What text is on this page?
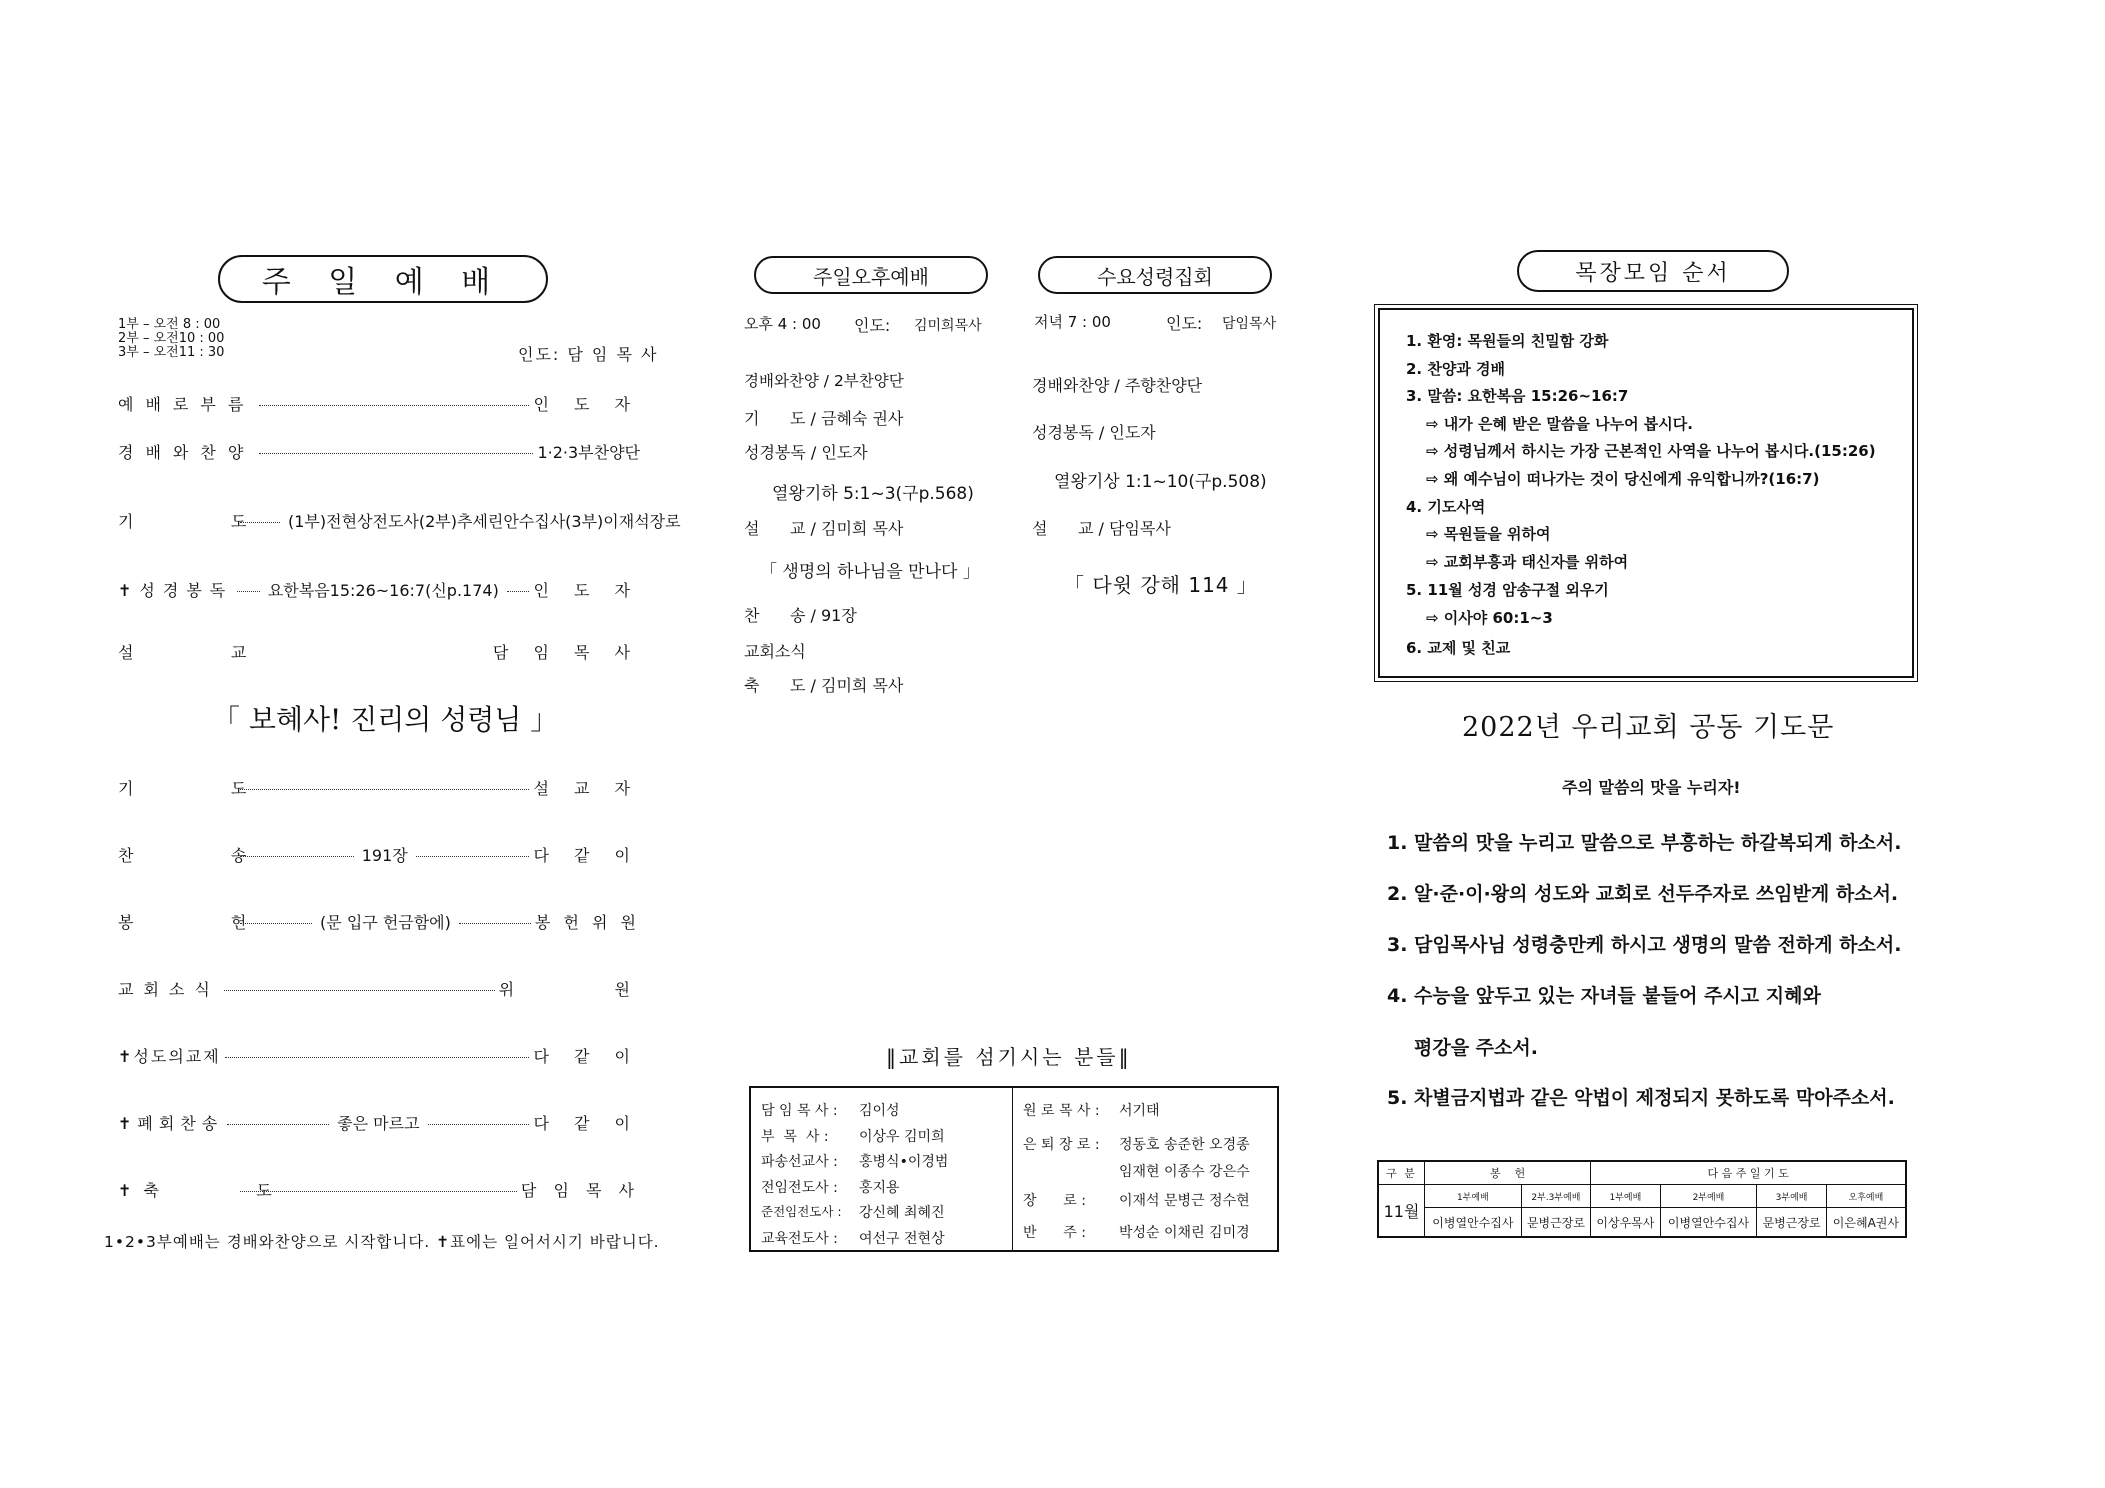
주 일 예 배
1부 – 오전 8 : 00
2부 – 오전10 : 00
3부 – 오전11 : 30	인도: 담 임 목 사
예배로부름	인 도 자
경배와찬양	1·2·3부찬양단
기     도 (1부)전현상전도사(2부)추세린안수집사(3부)이재석장로
✝성경봉독 요한복음15:26~16:7(신p.174) 인 도 자
설     교	담 임 목 사
「 보혜사! 진리의 성령님 」
기     도	설 교 자
찬     송	191장	다 같 이
봉     헌	(문 입구 헌금함에)	봉 헌 위 원
교회소식	위      원
✝성도의교제	다 같 이
✝폐회찬송	좋은 마르고	다 같 이
✝축     도	담 임 목 사
1•2•3부예배는 경배와찬양으로 시작합니다. ✝표에는 일어서시기 바랍니다.
주일오후예배
오후 4 : 00 인도: 김미희목사
경배와찬양 / 2부찬양단
기      도 / 금혜숙 권사
성경봉독 / 인도자
열왕기하 5:1~3(구p.568)
설      교 / 김미희 목사
「 생명의 하나님을 만나다 」
찬      송 / 91장
교회소식
축      도 / 김미희 목사
수요성령집회
저녁 7 : 00	인도: 담임목사
경배와찬양 / 주향찬양단
성경봉독 / 인도자
열왕기상 1:1~10(구p.508)
설      교 / 담임목사
「 다윗 강해 114 」
‖교회를 섬기시는 분들‖
담 임 목 사 : 김이성
부  목  사 : 이상우 김미희
파송선교사 : 홍병식•이경범
전임전도사 : 홍지용
준전임전도사 : 강신혜 최혜진
교육전도사 : 여선구 전현상
원 로 목 사 : 서기태
은 퇴 장 로 : 정동호 송준한 오경종
임재현 이종수 강은수
장      로 : 이재석 문병근 정수현
반      주 : 박성순 이채린 김미경
목장모임 순서
1. 환영: 목원들의 친밀함 강화
2. 찬양과 경배
3. 말씀: 요한복음 15:26~16:7
⇨ 내가 은혜 받은 말씀을 나누어 봅시다.
⇨ 성령님께서 하시는 가장 근본적인 사역을 나누어 봅시다.(15:26)
⇨ 왜 예수님이 떠나가는 것이 당신에게 유익합니까?(16:7)
4. 기도사역
⇨ 목원들을 위하여
⇨ 교회부흥과 태신자를 위하여
5. 11월 성경 암송구절 외우기
⇨ 이사야 60:1~3
6. 교제 및 친교
2022년 우리교회 공동 기도문
주의 말씀의 맛을 누리자!
1. 말씀의 맛을 누리고 말씀으로 부흥하는 하갈복되게 하소서.
2. 알·준·이·왕의 성도와 교회로 선두주자로 쓰임받게 하소서.
3. 담임목사님 성령충만케 하시고 생명의 말씀 전하게 하소서.
4. 수능을 앞두고 있는 자녀들 붙들어 주시고 지혜와
평강을 주소서.
5. 차별금지법과 같은 악법이 제정되지 못하도록 막아주소서.
구 분	봉    헌		다 음 주 일 기 도			
11월	1부예배	2부.3부예배	1부예배	2부예배	3부예배	오후예배
	이병열안수집사	문병근장로	이상우목사	이병열안수집사	문병근장로	이은혜A권사
